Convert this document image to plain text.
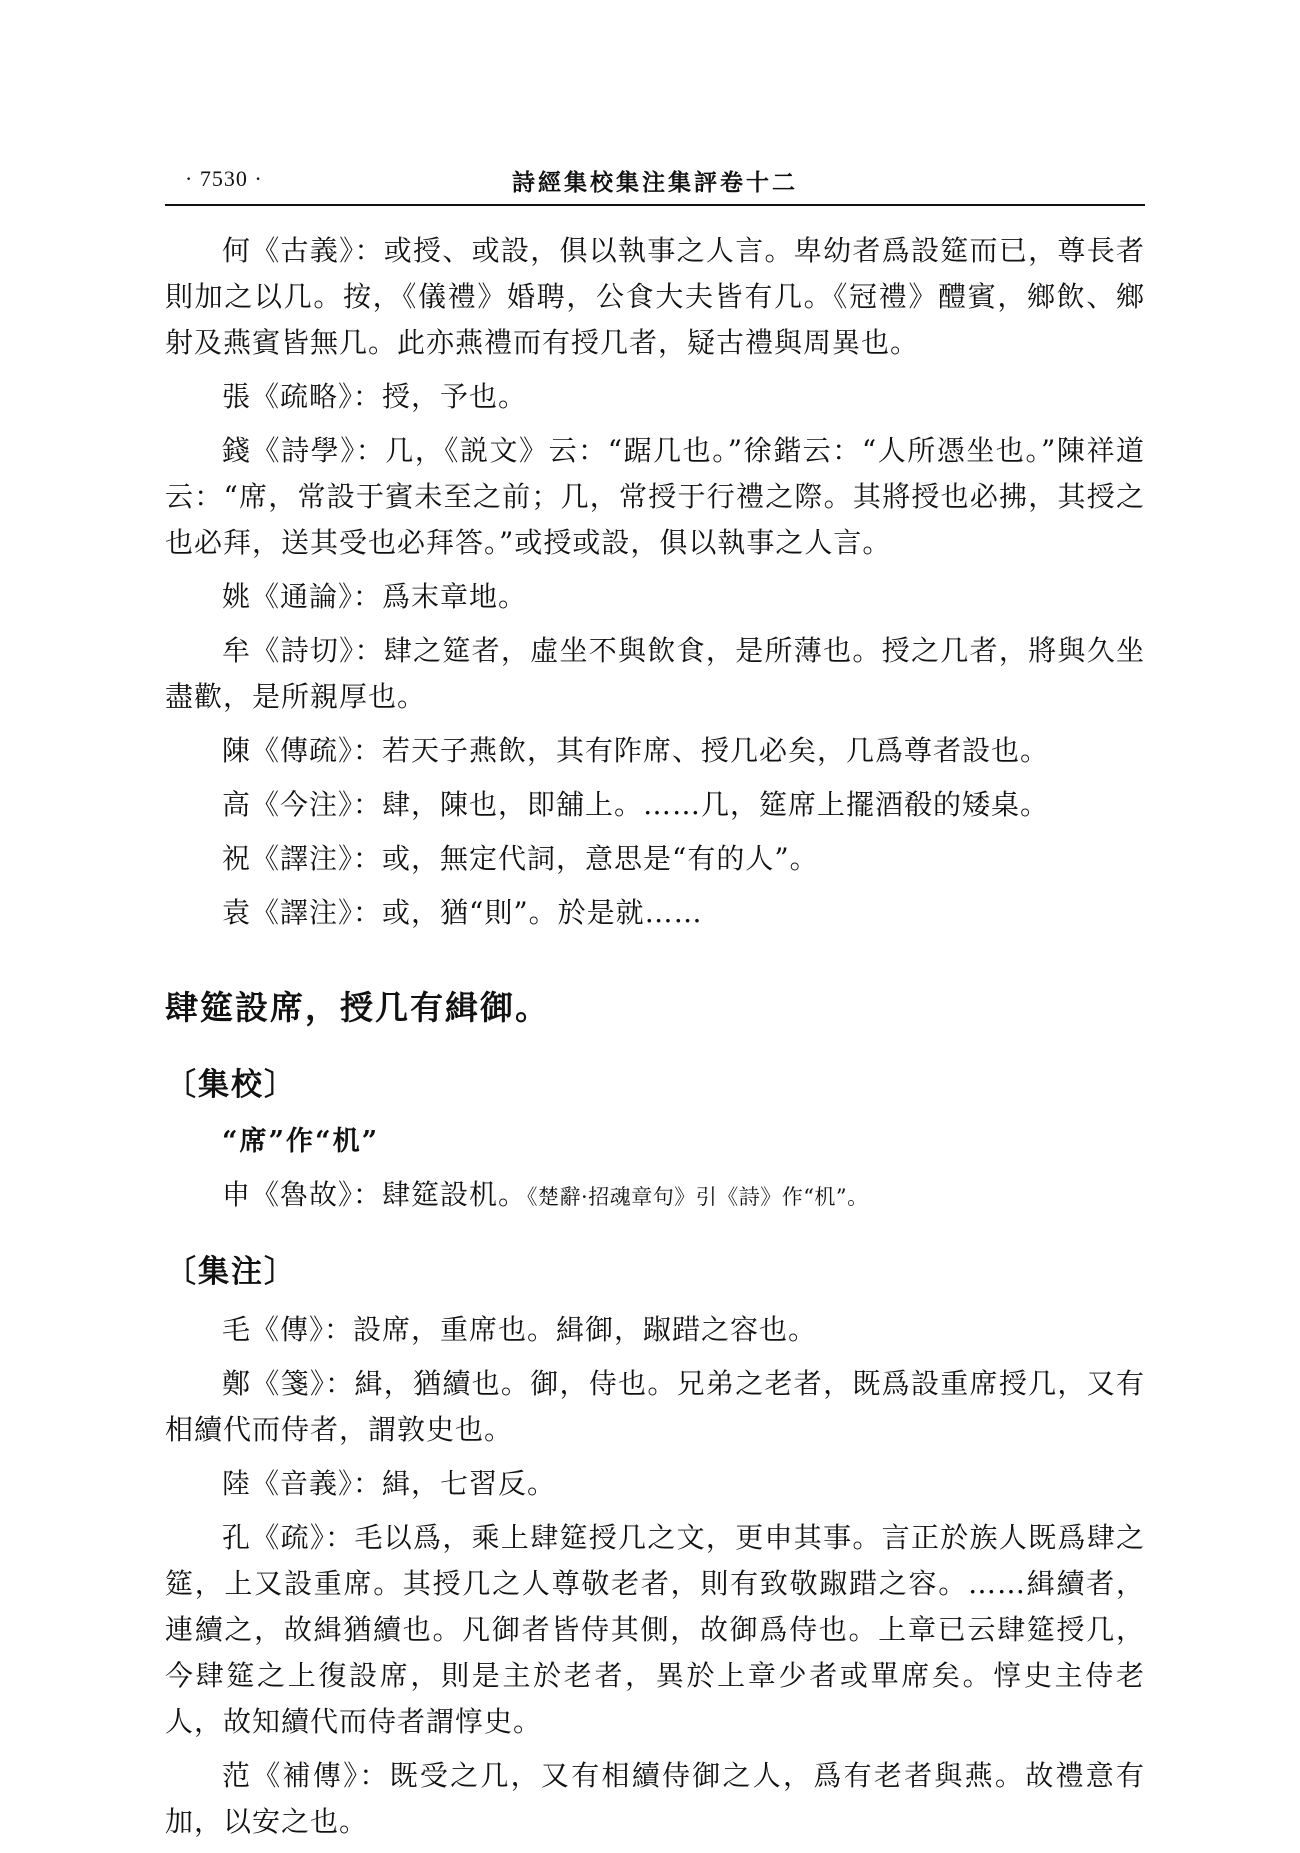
· 7530 ·	詩經集校集注集評卷十二

何《古義》：或授、或設，俱以執事之人言。卑幼者爲設筵而已，尊長者則加之以几。按，《儀禮》婚聘，公食大夫皆有几。《冠禮》醴賓，鄉飲、鄉射及燕賓皆無几。此亦燕禮而有授几者，疑古禮與周異也。

張《疏略》：授，予也。

錢《詩學》：几，《説文》云：“踞几也。”徐鍇云：“人所憑坐也。”陳祥道云：“席，常設于賓未至之前；几，常授于行禮之際。其將授也必拂，其授之也必拜，送其受也必拜答。”或授或設，俱以執事之人言。

姚《通論》：爲末章地。

牟《詩切》：肆之筵者，虛坐不與飲食，是所薄也。授之几者，將與久坐盡歡，是所親厚也。

陳《傳疏》：若天子燕飲，其有阼席、授几必矣，几爲尊者設也。

高《今注》：肆，陳也，即舖上。……几，筵席上擺酒殽的矮桌。

祝《譯注》：或，無定代詞，意思是“有的人”。

袁《譯注》：或，猶“則”。於是就……

肆筵設席，授几有緝御。
〔集校〕
“席”作“机”

申《魯故》：肆筵設机。《楚辭·招魂章句》引《詩》作“机”。

〔集注〕

毛《傳》：設席，重席也。緝御，踧踖之容也。

鄭《箋》：緝，猶續也。御，侍也。兄弟之老者，既爲設重席授几，又有相續代而侍者，謂敦史也。

陸《音義》：緝，七習反。

孔《疏》：毛以爲，乘上肆筵授几之文，更申其事。言正於族人既爲肆之筵，上又設重席。其授几之人尊敬老者，則有致敬踧踖之容。……緝續者，連續之，故緝猶續也。凡御者皆侍其側，故御爲侍也。上章已云肆筵授几，今肆筵之上復設席，則是主於老者，異於上章少者或單席矣。惇史主侍老人，故知續代而侍者謂惇史。

范《補傳》：既受之几，又有相續侍御之人，爲有老者與燕。故禮意有加，以安之也。
